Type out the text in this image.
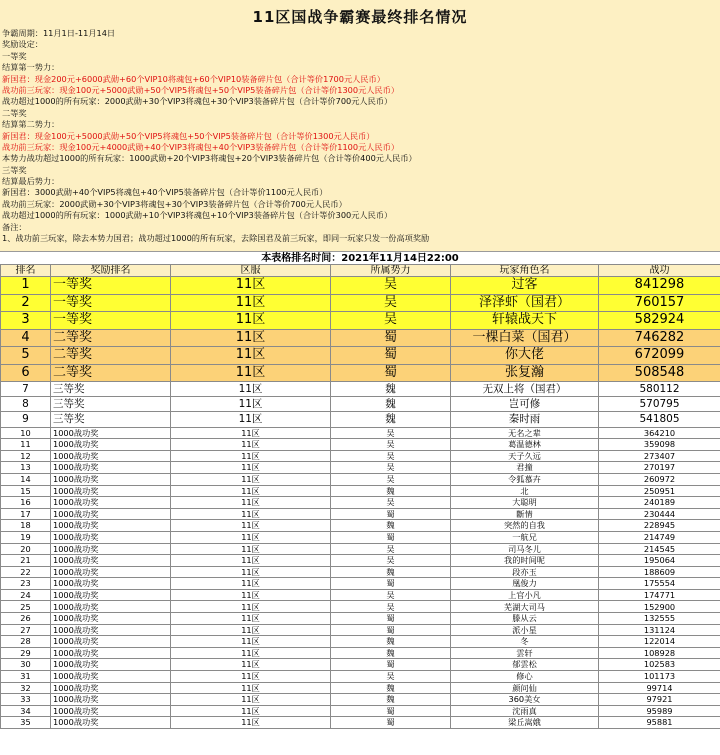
11区国战争霸赛最终排名情况
争霸周期：11月1日-11月14日
奖励设定：
一等奖
结算第一势力：
新国君：现金200元+6000武勋+60个VIP10将魂包+60个VIP10装备碎片包（合计等价1700元人民币）
战功前三玩家：现金100元+5000武勋+50个VIP5将魂包+50个VIP5装备碎片包（合计等价1300元人民币）
战功超过1000的所有玩家：2000武勋+30个VIP3将魂包+30个VIP3装备碎片包（合计等价700元人民币）
二等奖
结算第二势力：
新国君：现金100元+5000武勋+50个VIP5将魂包+50个VIP5装备碎片包（合计等价1300元人民币）
战功前三玩家：现金100元+4000武勋+40个VIP3将魂包+40个VIP3装备碎片包（合计等价1100元人民币）
本势力战功超过1000的所有玩家：1000武勋+20个VIP3将魂包+20个VIP3装备碎片包（合计等价400元人民币）
三等奖
结算最后势力：
新国君：3000武勋+40个VIP5将魂包+40个VIP5装备碎片包（合计等价1100元人民币）
战功前三玩家：2000武勋+30个VIP3将魂包+30个VIP3装备碎片包（合计等价700元人民币）
战功超过1000的所有玩家：1000武勋+10个VIP3将魂包+10个VIP3装备碎片包（合计等价300元人民币）
备注：
1、战功前三玩家，除去本势力国君；战功超过1000的所有玩家，去除国君及前三玩家，即同一玩家只发一份高项奖励
本表格排名时间：2021年11月14日22:00
排名	奖励排名	区服	所属势力	玩家角色名	战功
1	一等奖	11区	吴	过客	841298
2	一等奖	11区	吴	泽泽虾（国君）	760157
3	一等奖	11区	吴	轩辕战天下	582924
4	二等奖	11区	蜀	一棵白菜（国君）	746282
5	二等奖	11区	蜀	你大佬	672099
6	二等奖	11区	蜀	张复瀚	508548
7	三等奖	11区	魏	无双上将（国君）	580112
8	三等奖	11区	魏	岂可修	570795
9	三等奖	11区	魏	秦时雨	541805
10	1000战功奖	11区	吴	无名之辈	364210
11	1000战功奖	11区	吴	葛温德林	359098
12	1000战功奖	11区	吴	天子久远	273407
13	1000战功奖	11区	吴	君撞	270197
14	1000战功奖	11区	吴	令狐慕卉	260972
15	1000战功奖	11区	魏	北	250951
16	1000战功奖	11区	吴	大聪明	240189
17	1000战功奖	11区	蜀	斷情	230444
18	1000战功奖	11区	魏	突然的自我	228945
19	1000战功奖	11区	蜀	一航兄	214749
20	1000战功奖	11区	吴	司马冬儿	214545
21	1000战功奖	11区	吴	我的时间呢	195064
22	1000战功奖	11区	魏	段亦玉	188609
23	1000战功奖	11区	蜀	凰俊力	175554
24	1000战功奖	11区	吴	上官小凡	174771
25	1000战功奖	11区	吴	芜湖大司马	152900
26	1000战功奖	11区	蜀	滕从云	132555
27	1000战功奖	11区	蜀	派小星	131124
28	1000战功奖	11区	魏	冬	122014
29	1000战功奖	11区	魏	雲轩	108928
30	1000战功奖	11区	蜀	郁雲松	102583
31	1000战功奖	11区	吴	修心	101173
32	1000战功奖	11区	魏	颜问仙	99714
33	1000战功奖	11区	魏	360美女	97921
34	1000战功奖	11区	蜀	沈雨真	95989
35	1000战功奖	11区	蜀	梁丘嵩娥	95881
